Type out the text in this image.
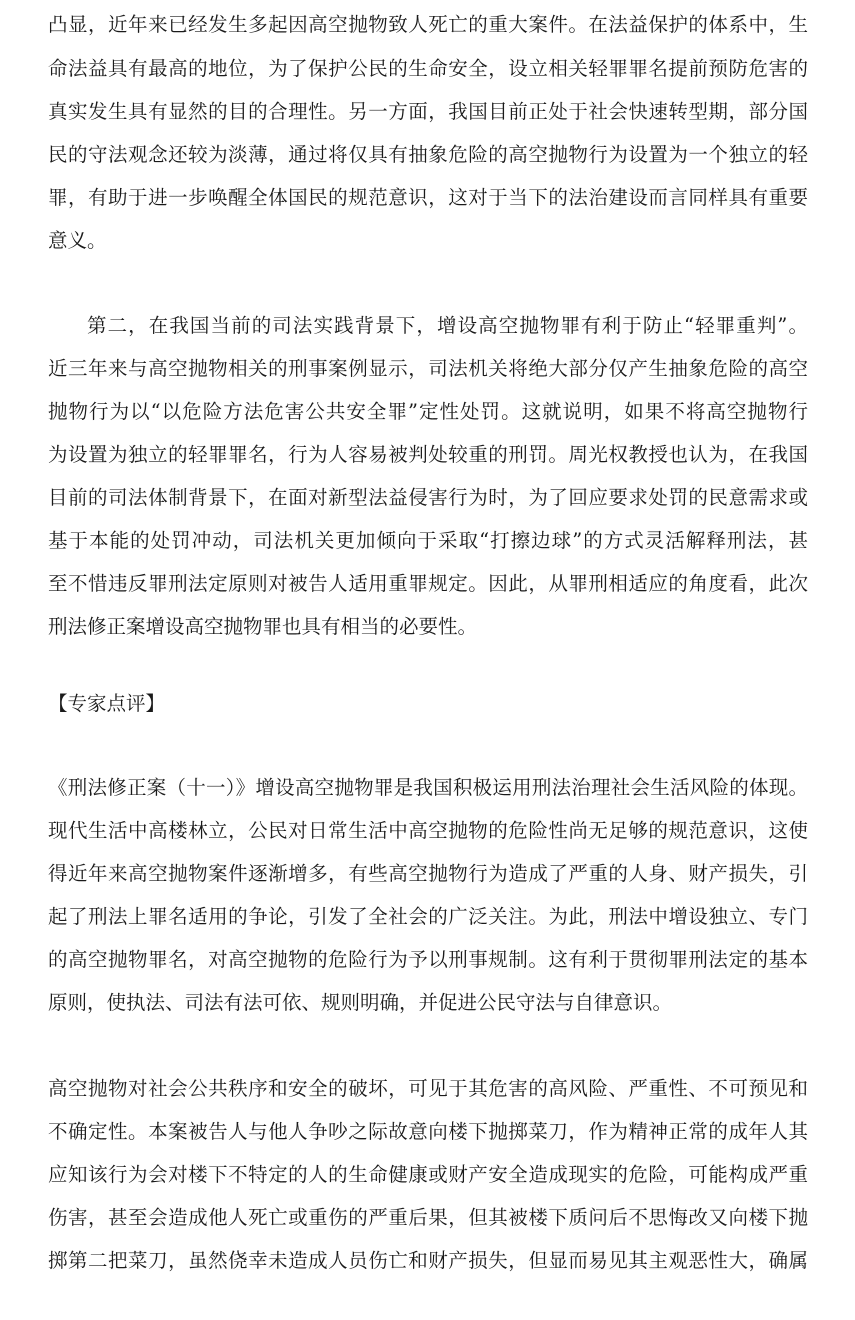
凸显，近年来已经发生多起因高空抛物致人死亡的重大案件。在法益保护的体系中，生
命法益具有最高的地位，为了保护公民的生命安全，设立相关轻罪罪名提前预防危害的
真实发生具有显然的目的合理性。另一方面，我国目前正处于社会快速转型期，部分国
民的守法观念还较为淡薄，通过将仅具有抽象危险的高空抛物行为设置为一个独立的轻
罪，有助于进一步唤醒全体国民的规范意识，这对于当下的法治建设而言同样具有重要
意义。
第二，在我国当前的司法实践背景下，增设高空抛物罪有利于防止“轻罪重判”。
近三年来与高空抛物相关的刑事案例显示，司法机关将绝大部分仅产生抽象危险的高空
抛物行为以“以危险方法危害公共安全罪”定性处罚。这就说明，如果不将高空抛物行
为设置为独立的轻罪罪名，行为人容易被判处较重的刑罚。周光权教授也认为，在我国
目前的司法体制背景下，在面对新型法益侵害行为时，为了回应要求处罚的民意需求或
基于本能的处罚冲动，司法机关更加倾向于采取“打擦边球”的方式灵活解释刑法，甚
至不惜违反罪刑法定原则对被告人适用重罪规定。因此，从罪刑相适应的角度看，此次
刑法修正案增设高空抛物罪也具有相当的必要性。
【专家点评】
《刑法修正案（十一）》增设高空抛物罪是我国积极运用刑法治理社会生活风险的体现。
现代生活中高楼林立，公民对日常生活中高空抛物的危险性尚无足够的规范意识，这使
得近年来高空抛物案件逐渐增多，有些高空抛物行为造成了严重的人身、财产损失，引
起了刑法上罪名适用的争论，引发了全社会的广泛关注。为此，刑法中增设独立、专门
的高空抛物罪名，对高空抛物的危险行为予以刑事规制。这有利于贯彻罪刑法定的基本
原则，使执法、司法有法可依、规则明确，并促进公民守法与自律意识。
高空抛物对社会公共秩序和安全的破坏，可见于其危害的高风险、严重性、不可预见和
不确定性。本案被告人与他人争吵之际故意向楼下抛掷菜刀，作为精神正常的成年人其
应知该行为会对楼下不特定的人的生命健康或财产安全造成现实的危险，可能构成严重
伤害，甚至会造成他人死亡或重伤的严重后果，但其被楼下质问后不思悔改又向楼下抛
掷第二把菜刀，虽然侥幸未造成人员伤亡和财产损失，但显而易见其主观恶性大，确属
